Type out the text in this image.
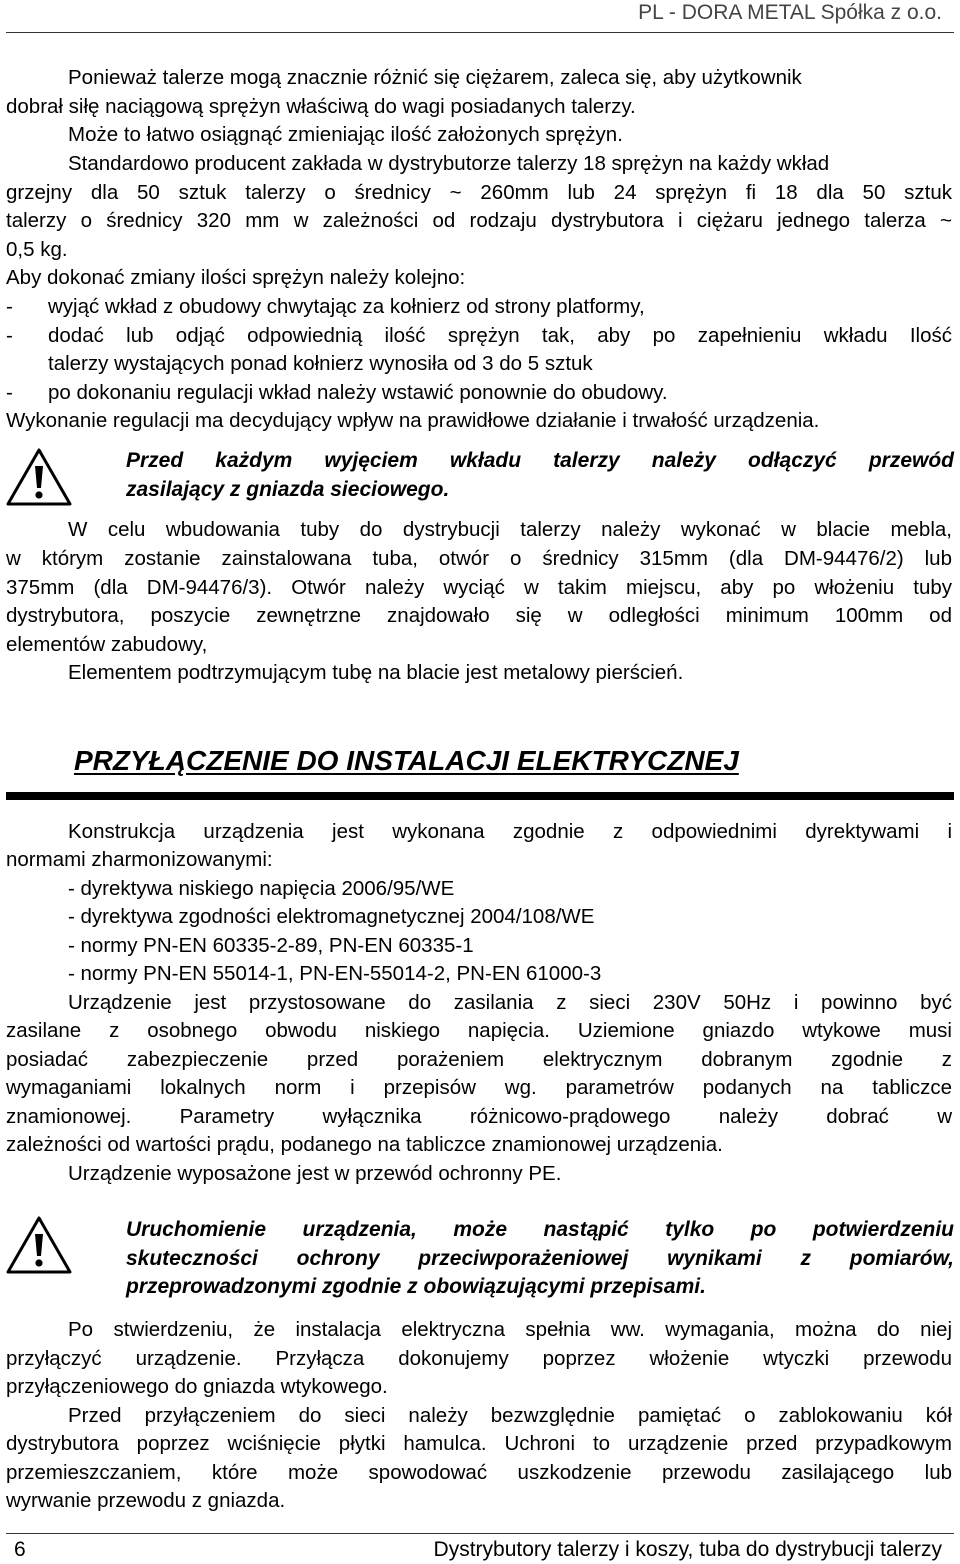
PL - DORA METAL Spółka z o.o.
Ponieważ talerze mogą znacznie różnić się ciężarem, zaleca się, aby użytkownik
dobrał siłę naciągową sprężyn właściwą do wagi posiadanych talerzy.
Może to łatwo osiągnąć zmieniając ilość założonych sprężyn.
Standardowo producent zakłada w dystrybutorze talerzy 18 sprężyn na każdy wkład
grzejny dla 50 sztuk talerzy o średnicy ~ 260mm lub 24 sprężyn fi 18 dla 50 sztuk
talerzy o średnicy 320 mm w zależności od rodzaju dystrybutora i ciężaru jednego talerza ~
0,5 kg.
Aby dokonać zmiany ilości sprężyn należy kolejno:
- wyjąć wkład z obudowy chwytając za kołnierz od strony platformy,
- dodać lub odjąć odpowiednią ilość sprężyn tak, aby po zapełnieniu wkładu Ilość
talerzy wystających ponad kołnierz wynosiła od 3 do 5 sztuk
- po dokonaniu regulacji wkład należy wstawić ponownie do obudowy.
Wykonanie regulacji ma decydujący wpływ na prawidłowe działanie i trwałość urządzenia.
Przed każdym wyjęciem wkładu talerzy należy odłączyć przewód
zasilający z gniazda sieciowego.
W celu wbudowania tuby do dystrybucji talerzy należy wykonać w blacie mebla,
w którym zostanie zainstalowana tuba, otwór o średnicy 315mm (dla DM-94476/2) lub
375mm (dla DM-94476/3). Otwór należy wyciąć w takim miejscu, aby po włożeniu tuby
dystrybutora, poszycie zewnętrzne znajdowało się w odległości minimum 100mm od
elementów zabudowy,
Elementem podtrzymującym tubę na blacie jest metalowy pierścień.
PRZYŁĄCZENIE DO INSTALACJI ELEKTRYCZNEJ
Konstrukcja urządzenia jest wykonana zgodnie z odpowiednimi dyrektywami i
normami zharmonizowanymi:
- dyrektywa niskiego napięcia 2006/95/WE
- dyrektywa zgodności elektromagnetycznej 2004/108/WE
- normy PN-EN 60335-2-89, PN-EN 60335-1
- normy PN-EN 55014-1, PN-EN-55014-2, PN-EN 61000-3
Urządzenie jest przystosowane do zasilania z sieci 230V 50Hz i powinno być
zasilane z osobnego obwodu niskiego napięcia. Uziemione gniazdo wtykowe musi
posiadać zabezpieczenie przed porażeniem elektrycznym dobranym zgodnie z
wymaganiami lokalnych norm i przepisów wg. parametrów podanych na tabliczce
znamionowej. Parametry wyłącznika różnicowo-prądowego należy dobrać w
zależności od wartości prądu, podanego na tabliczce znamionowej urządzenia.
Urządzenie wyposażone jest w przewód ochronny PE.
Uruchomienie urządzenia, może nastąpić tylko po potwierdzeniu
skuteczności ochrony przeciwporażeniowej wynikami z pomiarów,
przeprowadzonymi zgodnie z obowiązującymi przepisami.
Po stwierdzeniu, że instalacja elektryczna spełnia ww. wymagania, można do niej
przyłączyć urządzenie. Przyłącza dokonujemy poprzez włożenie wtyczki przewodu
przyłączeniowego do gniazda wtykowego.
Przed przyłączeniem do sieci należy bezwzględnie pamiętać o zablokowaniu kół
dystrybutora poprzez wciśnięcie płytki hamulca. Uchroni to urządzenie przed przypadkowym
przemieszczaniem, które może spowodować uszkodzenie przewodu zasilającego lub
wyrwanie przewodu z gniazda.
6	Dystrybutory talerzy i koszy, tuba do dystrybucji talerzy
